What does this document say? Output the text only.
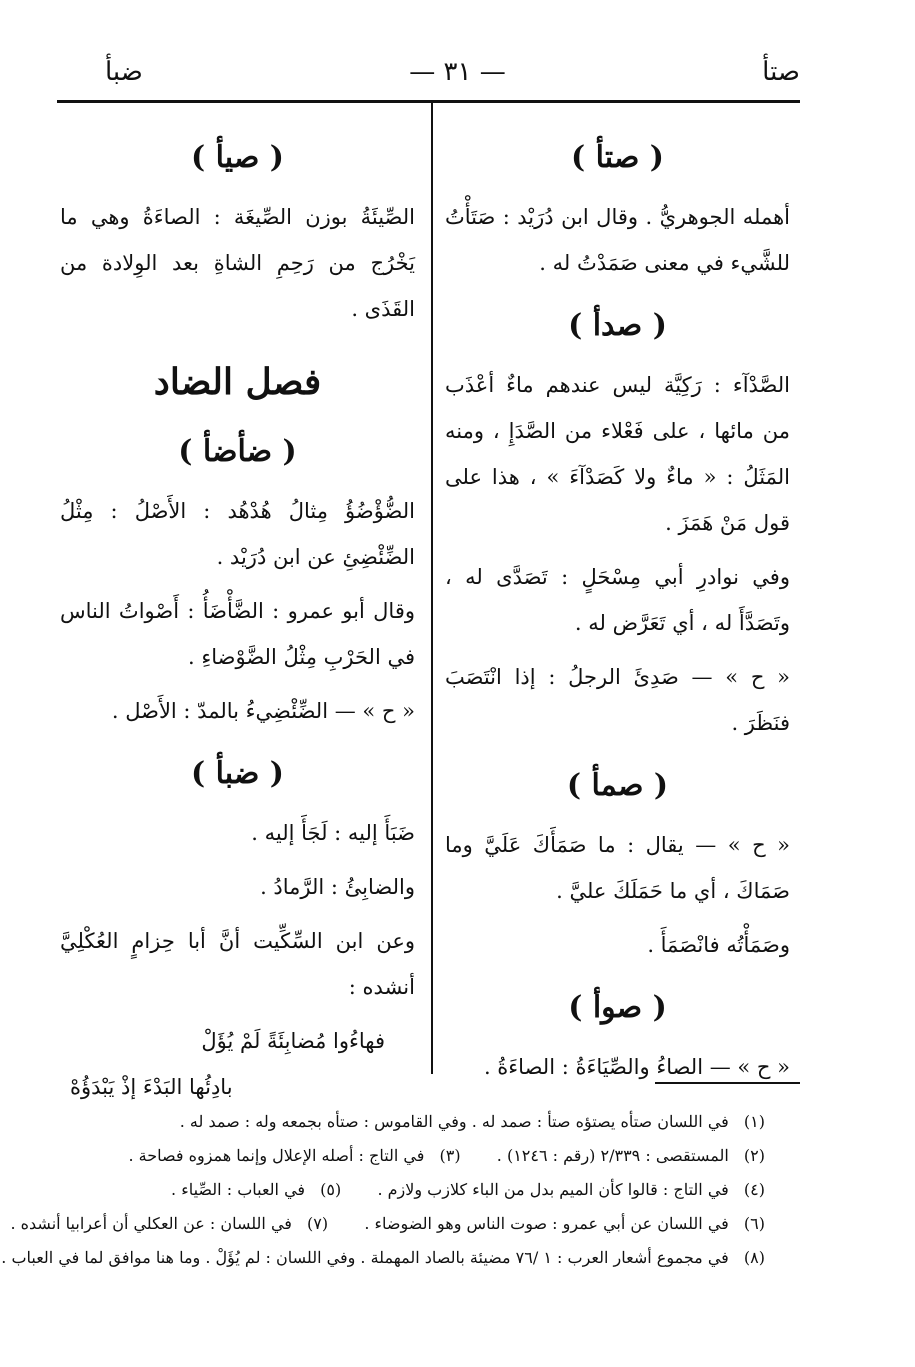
صتأ
— ٣١ —
ضبأ
( صتأ )

أهمله الجوهريُّ . وقال ابن دُرَيْد : صَتَأْتُ للشَّيء في معنى صَمَدْتُ له .

( صدأ )

الصَّدْآء : رَكِيَّة ليس عندهم ماءٌ أعْذَب من مائها ، على فَعْلاء من الصَّدَإِ ، ومنه المَثَلُ : « ماءٌ ولا كَصَدْآءَ » ، هذا على قول مَنْ هَمَزَ .

وفي نوادرِ أبي مِسْحَلٍ : تَصَدَّى له ، وتَصَدَّأَ له ، أي تَعَرَّض له .

« ح » — صَدِئَ الرجلُ : إذا انْتَصَبَ فنَظَرَ .

( صمأ )

« ح » — يقال : ما صَمَأَكَ عَلَيَّ وما صَمَاكَ ، أي ما حَمَلَكَ عليَّ .

وصَمَأْتُه فانْصَمَأَ .

( صوأ )

« ح » — الصاءُ والصِّيَاءَةُ : الصاءَةُ .

( صيأ )

الصِّيئَةُ بوزن الصِّيغَة : الصاءَةُ وهي ما يَخْرُج من رَحِمِ الشاةِ بعد الوِلادة من القَذَى .

فصل الضاد
( ضأضأ )

الضُّؤْضُؤُ مِثالُ هُدْهُد : الأَصْلُ : مِثْلُ الضِّئْضِئِ عن ابن دُرَيْد .

وقال أبو عمرو : الضَّأْضَأُ : أَصْواتُ الناس في الحَرْبِ مِثْلُ الضَّوْضاءِ .

« ح » — الضِّئْضِيءُ بالمدّ : الأَصْل .

( ضبأ )

ضَبَأَ إليه : لَجَأَ إليه .

والضابِئُ : الرَّمادُ .

وعن ابن السِّكِّيت أنَّ أبا حِزامٍ العُكْلِيَّ أنشده :

فهاءُوا مُضابِئَةً لَمْ يُؤَلْ

بادِئُها البَدْءَ إذْ يَبْدَؤُهْ

(١) في اللسان صتأه يصتؤه صتأ : صمد له . وفي القاموس : صتأه بجمعه وله : صمد له .
(٢) المستقصى : ٢/٣٣٩ (رقم : ١٢٤٦) .  (٣) في التاج : أصله الإعلال وإنما همزوه فصاحة .
(٤) في التاج : قالوا كأن الميم بدل من الباء كلازب ولازم .  (٥) في العباب : الصِّياء .
(٦) في اللسان عن أبي عمرو : صوت الناس وهو الضوضاء .  (٧) في اللسان : عن العكلي أن أعرابيا أنشده .
(٨) في مجموع أشعار العرب : ١ /٧٦ مضيئة بالصاد المهملة . وفي اللسان : لم يُؤَلْ . وما هنا موافق لما في العباب .
